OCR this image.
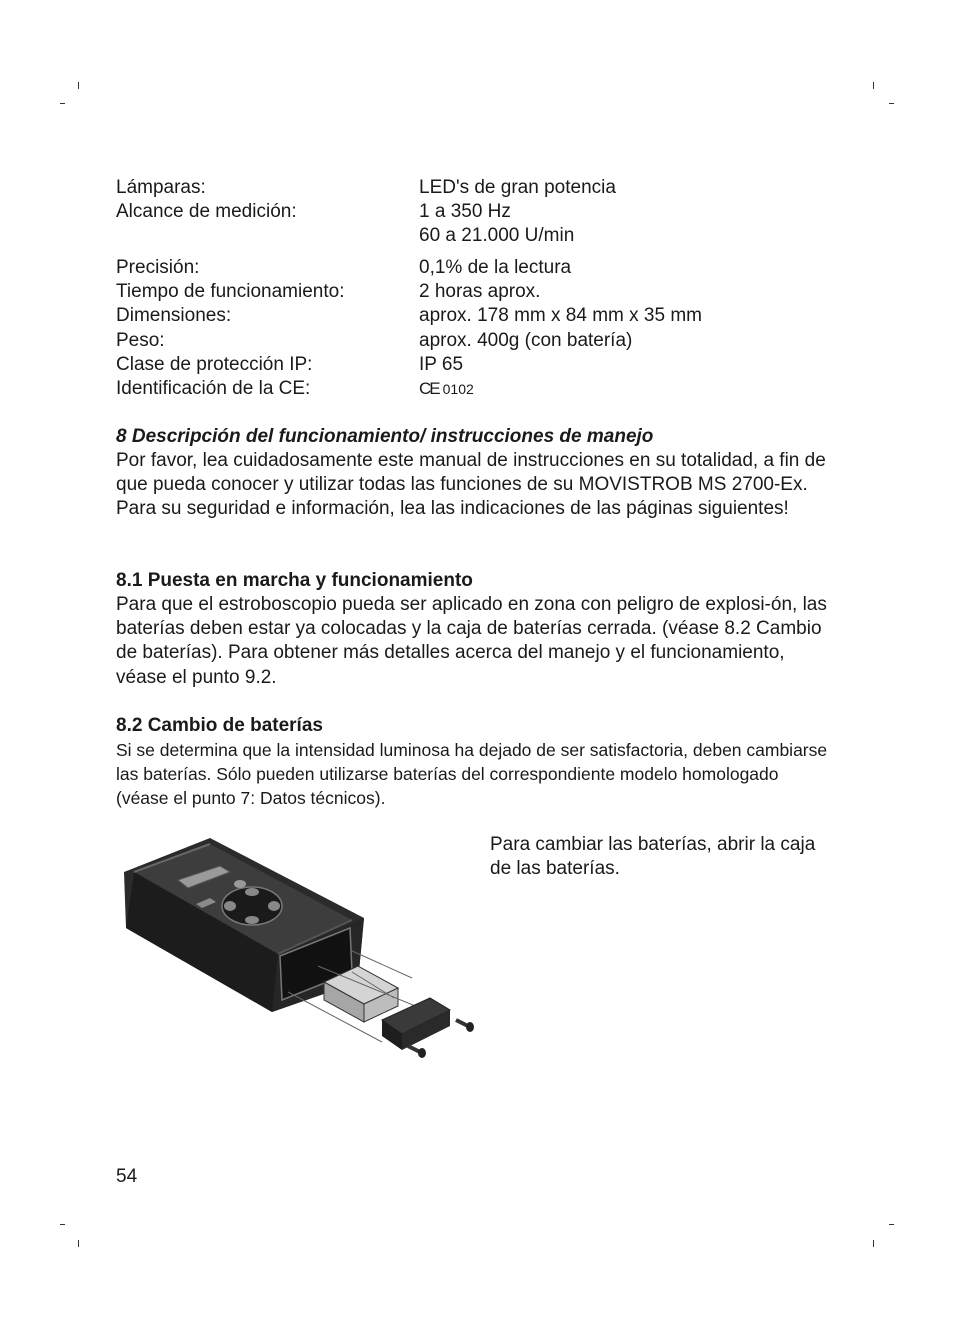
Lámparas:	LED's de gran potencia
Alcance de medición:	1 a 350 Hz
60 a 21.000 U/min
Precisión:	0,1% de la lectura
Tiempo de funcionamiento:	2 horas aprox.
Dimensiones:	aprox. 178 mm x 84 mm x 35 mm
Peso:	aprox. 400g (con batería)
Clase de protección IP:	IP 65
Identificación de la CE:	CE 0102
8 Descripción del funcionamiento/ instrucciones de manejo

Por favor, lea cuidadosamente este manual de instrucciones en su totalidad, a fin de que pueda conocer y utilizar todas las funciones de su MOVISTROB MS 2700-Ex. Para su seguridad e información, lea las indicaciones de las páginas siguientes!

8.1 Puesta en marcha y funcionamiento

Para que el estroboscopio pueda ser aplicado en zona con peligro de explosi-ón, las baterías deben estar ya colocadas y la caja de baterías cerrada. (véase 8.2 Cambio de baterías). Para obtener más detalles acerca del manejo y el funcionamiento, véase el punto 9.2.

8.2 Cambio de baterías

Si se determina que la intensidad luminosa ha dejado de ser satisfactoria, deben cambiarse las baterías. Sólo pueden utilizarse baterías del correspondiente modelo homologado (véase el punto 7: Datos técnicos).

Para cambiar las baterías, abrir la caja de las baterías.

54
